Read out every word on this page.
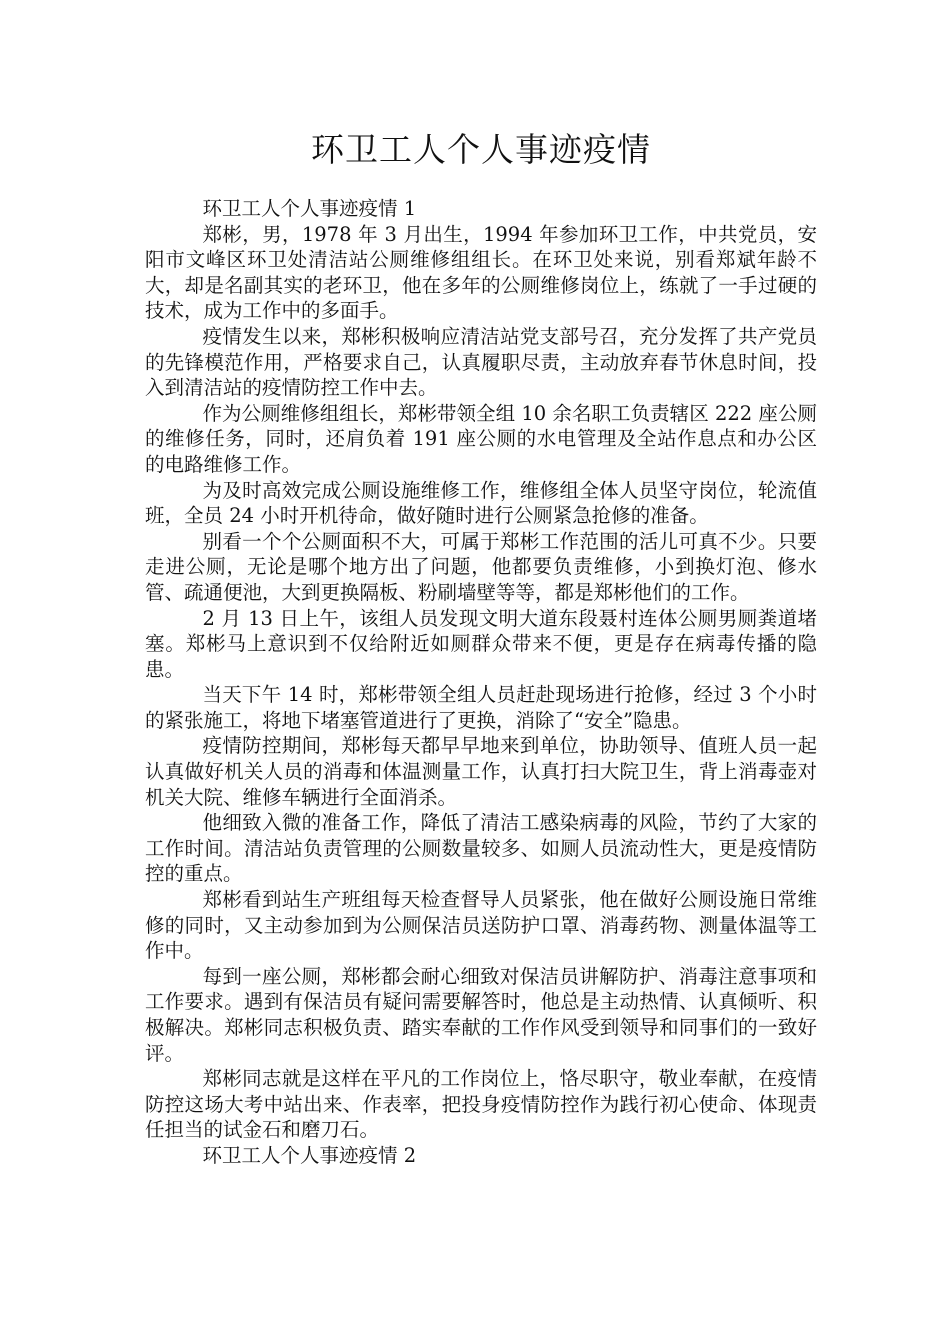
环卫工人个人事迹疫情

环卫工人个人事迹疫情 1

郑彬，男，1978 年 3 月出生，1994 年参加环卫工作，中共党员，安阳市文峰区环卫处清洁站公厕维修组组长。在环卫处来说，别看郑斌年龄不大，却是名副其实的老环卫，他在多年的公厕维修岗位上，练就了一手过硬的技术，成为工作中的多面手。

疫情发生以来，郑彬积极响应清洁站党支部号召，充分发挥了共产党员的先锋模范作用，严格要求自己，认真履职尽责，主动放弃春节休息时间，投入到清洁站的疫情防控工作中去。

作为公厕维修组组长，郑彬带领全组 10 余名职工负责辖区 222 座公厕的维修任务，同时，还肩负着 191 座公厕的水电管理及全站作息点和办公区的电路维修工作。

为及时高效完成公厕设施维修工作，维修组全体人员坚守岗位，轮流值班，全员 24 小时开机待命，做好随时进行公厕紧急抢修的准备。

别看一个个公厕面积不大，可属于郑彬工作范围的活儿可真不少。只要走进公厕，无论是哪个地方出了问题，他都要负责维修，小到换灯泡、修水管、疏通便池，大到更换隔板、粉刷墙壁等等，都是郑彬他们的工作。

2 月 13 日上午，该组人员发现文明大道东段聂村连体公厕男厕粪道堵塞。郑彬马上意识到不仅给附近如厕群众带来不便，更是存在病毒传播的隐患。

当天下午 14 时，郑彬带领全组人员赶赴现场进行抢修，经过 3 个小时的紧张施工，将地下堵塞管道进行了更换，消除了“安全”隐患。

疫情防控期间，郑彬每天都早早地来到单位，协助领导、值班人员一起认真做好机关人员的消毒和体温测量工作，认真打扫大院卫生，背上消毒壶对机关大院、维修车辆进行全面消杀。

他细致入微的准备工作，降低了清洁工感染病毒的风险，节约了大家的工作时间。清洁站负责管理的公厕数量较多、如厕人员流动性大，更是疫情防控的重点。

郑彬看到站生产班组每天检查督导人员紧张，他在做好公厕设施日常维修的同时，又主动参加到为公厕保洁员送防护口罩、消毒药物、测量体温等工作中。

每到一座公厕，郑彬都会耐心细致对保洁员讲解防护、消毒注意事项和工作要求。遇到有保洁员有疑问需要解答时，他总是主动热情、认真倾听、积极解决。郑彬同志积极负责、踏实奉献的工作作风受到领导和同事们的一致好评。

郑彬同志就是这样在平凡的工作岗位上，恪尽职守，敬业奉献，在疫情防控这场大考中站出来、作表率，把投身疫情防控作为践行初心使命、体现责任担当的试金石和磨刀石。

环卫工人个人事迹疫情 2
